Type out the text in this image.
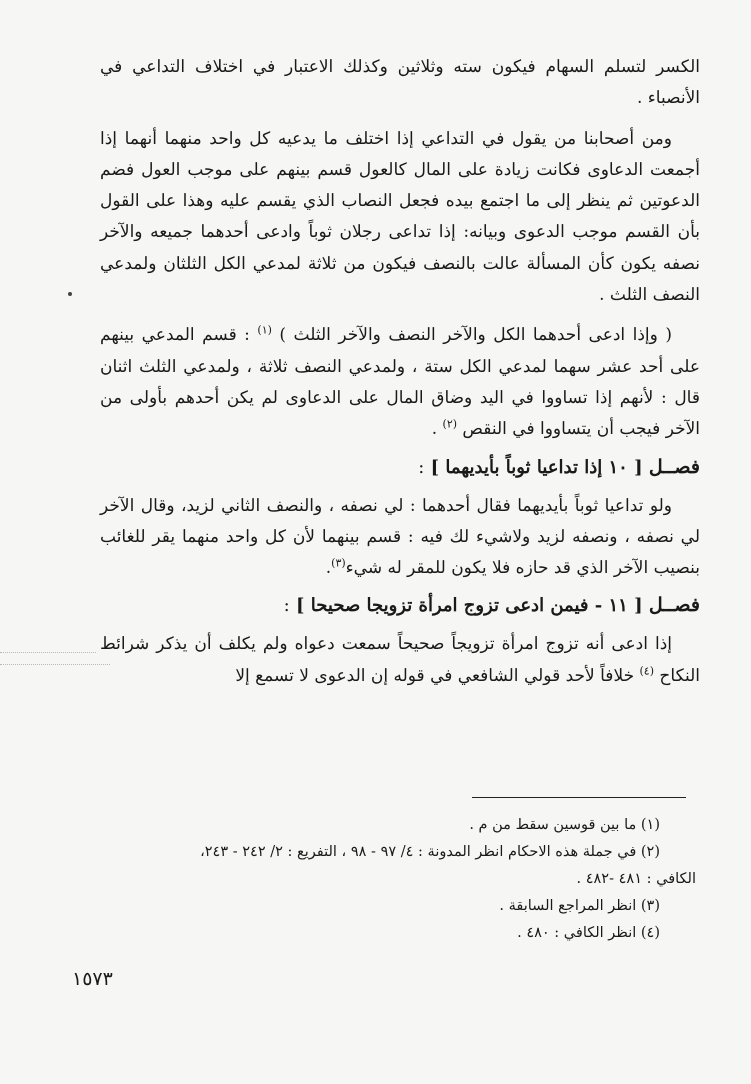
الكسر لتسلم السهام فيكون سته وثلاثين وكذلك الاعتبار في اختلاف التداعي في الأنصباء .

ومن أصحابنا من يقول في التداعي إذا اختلف ما يدعيه كل واحد منهما أنهما إذا أجمعت الدعاوى فكانت زيادة على المال كالعول قسم بينهم على موجب العول فضم الدعوتين ثم ينظر إلى ما اجتمع بيده فجعل النصاب الذي يقسم عليه وهذا على القول بأن القسم موجب الدعوى وبيانه: إذا تداعى رجلان ثوباً وادعى أحدهما جميعه والآخر نصفه يكون كأن المسألة عالت بالنصف فيكون من ثلاثة لمدعي الكل الثلثان ولمدعي النصف الثلث .

( وإذا ادعى أحدهما الكل والآخر النصف والآخر الثلث ) $^{(١)}$ : قسم المدعي بينهم على أحد عشر سهما لمدعي الكل ستة ، ولمدعي النصف ثلاثة ، ولمدعي الثلث اثنان قال : لأنهم إذا تساووا في اليد وضاق المال على الدعاوى لم يكن أحدهم بأولى من الآخر فيجب أن يتساووا في النقص $^{(٢)}$ .

فصــل [ ١٠ إذا تداعيا ثوباً بأيديهما ] :

ولو تداعيا ثوباً بأيديهما فقال أحدهما : لي نصفه ، والنصف الثاني لزيد، وقال الآخر لي نصفه ، ونصفه لزيد ولاشيء لك فيه : قسم بينهما لأن كل واحد منهما يقر للغائب بنصيب الآخر الذي قد حازه فلا يكون للمقر له شيء$^{(٣)}$.

فصــل [ ١١ - فيمن ادعى تزوج امرأة تزويجا صحيحا ] :

إذا ادعى أنه تزوج امرأة تزويجاً صحيحاً سمعت دعواه ولم يكلف أن يذكر شرائط النكاح $^{(٤)}$ خلافاً لأحد قولي الشافعي في قوله إن الدعوى لا تسمع إلا

(١) ما بين قوسين سقط من م .

(٢) في جملة هذه الاحكام انظر المدونة : ٤/ ٩٧ - ٩٨ ، التفريع : ٢/ ٢٤٢ - ٢٤٣،

الكافي : ٤٨١ -٤٨٢ .

(٣) انظر المراجع السابقة .

(٤) انظر الكافي : ٤٨٠ .

١٥٧٣
